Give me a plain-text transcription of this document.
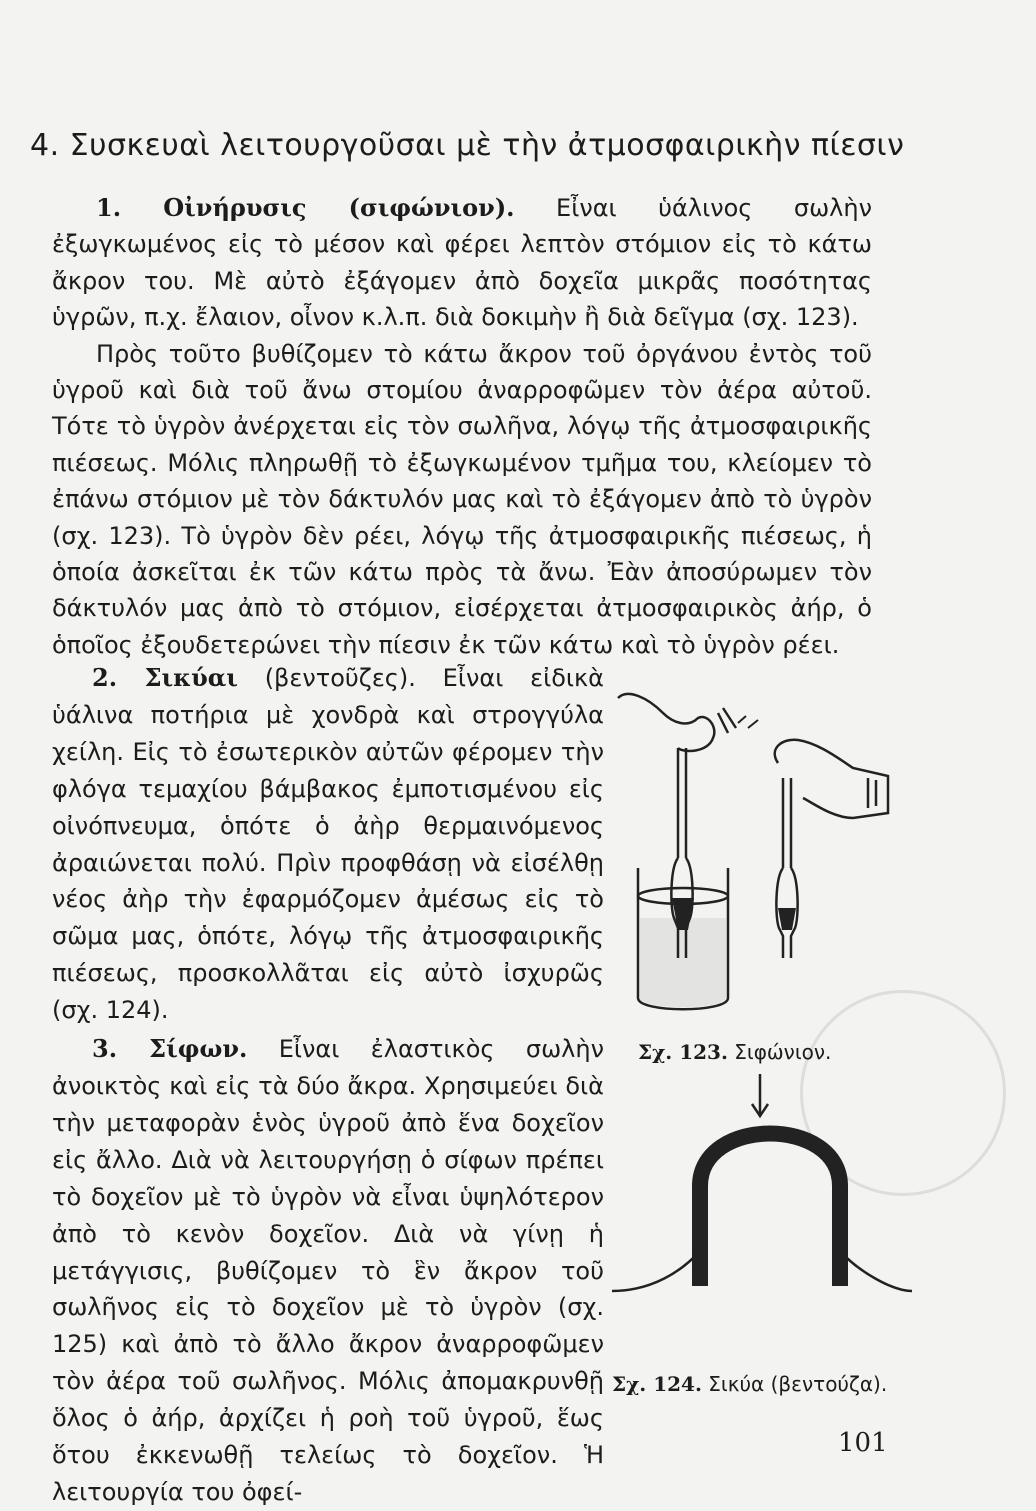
4. Συσκευαὶ λειτουργοῦσαι μὲ τὴν ἀτμοσφαιρικὴν πίεσιν

1. Οἰνήρυσις (σιφώνιον). Εἶναι ὑάλινος σωλὴν ἐξωγκωμένος εἰς τὸ μέσον καὶ φέρει λεπτὸν στόμιον εἰς τὸ κάτω ἄκρον του. Μὲ αὐτὸ ἐξάγομεν ἀπὸ δοχεῖα μικρᾶς ποσότητας ὑγρῶν, π.χ. ἔλαιον, οἶνον κ.λ.π. διὰ δοκιμὴν ἢ διὰ δεῖγμα (σχ. 123).

Πρὸς τοῦτο βυθίζομεν τὸ κάτω ἄκρον τοῦ ὀργάνου ἐντὸς τοῦ ὑγροῦ καὶ διὰ τοῦ ἄνω στομίου ἀναρροφῶμεν τὸν ἀέρα αὐτοῦ. Τότε τὸ ὑγρὸν ἀνέρχεται εἰς τὸν σωλῆνα, λόγῳ τῆς ἀτμοσφαιρικῆς πιέσεως. Μόλις πληρωθῇ τὸ ἐξωγκωμένον τμῆμα του, κλείομεν τὸ ἐπάνω στόμιον μὲ τὸν δάκτυλόν μας καὶ τὸ ἐξάγομεν ἀπὸ τὸ ὑγρὸν (σχ. 123). Τὸ ὑγρὸν δὲν ρέει, λόγῳ τῆς ἀτμοσφαιρικῆς πιέσεως, ἡ ὁποία ἀσκεῖται ἐκ τῶν κάτω πρὸς τὰ ἄνω. Ἐὰν ἀποσύρωμεν τὸν δάκτυλόν μας ἀπὸ τὸ στόμιον, εἰσέρχεται ἀτμοσφαιρικὸς ἀήρ, ὁ ὁποῖος ἐξουδετερώνει τὴν πίεσιν ἐκ τῶν κάτω καὶ τὸ ὑγρὸν ρέει.

2. Σικύαι (βεντοῦζες). Εἶναι εἰδικὰ ὑάλινα ποτήρια μὲ χονδρὰ καὶ στρογγύλα χείλη. Εἰς τὸ ἐσωτερικὸν αὐτῶν φέρομεν τὴν φλόγα τεμαχίου βάμβακος ἐμποτισμένου εἰς οἰνόπνευμα, ὁπότε ὁ ἀὴρ θερμαινόμενος ἀραιώνεται πολύ. Πρὶν προφθάσῃ νὰ εἰσέλθῃ νέος ἀὴρ τὴν ἐφαρμόζομεν ἀμέσως εἰς τὸ σῶμα μας, ὁπότε, λόγῳ τῆς ἀτμοσφαιρικῆς πιέσεως, προσκολλᾶται εἰς αὐτὸ ἰσχυρῶς (σχ. 124).

3. Σίφων. Εἶναι ἐλαστικὸς σωλὴν ἀνοικτὸς καὶ εἰς τὰ δύο ἄκρα. Χρησιμεύει διὰ τὴν μεταφορὰν ἑνὸς ὑγροῦ ἀπὸ ἕνα δοχεῖον εἰς ἄλλο. Διὰ νὰ λειτουργήσῃ ὁ σίφων πρέπει τὸ δοχεῖον μὲ τὸ ὑγρὸν νὰ εἶναι ὑψηλότερον ἀπὸ τὸ κενὸν δοχεῖον. Διὰ νὰ γίνῃ ἡ μετάγγισις, βυθίζομεν τὸ ἓν ἄκρον τοῦ σωλῆνος εἰς τὸ δοχεῖον μὲ τὸ ὑγρὸν (σχ. 125) καὶ ἀπὸ τὸ ἄλλο ἄκρον ἀναρροφῶμεν τὸν ἀέρα τοῦ σωλῆνος. Μόλις ἀπομακρυνθῇ ὅλος ὁ ἀήρ, ἀρχίζει ἡ ροὴ τοῦ ὑγροῦ, ἕως ὅτου ἐκκενωθῇ τελείως τὸ δοχεῖον. Ἡ λειτουργία του ὀφεί-

Σχ. 123. Σιφώνιον.
Σχ. 124. Σικύα (βεντούζα).
101
